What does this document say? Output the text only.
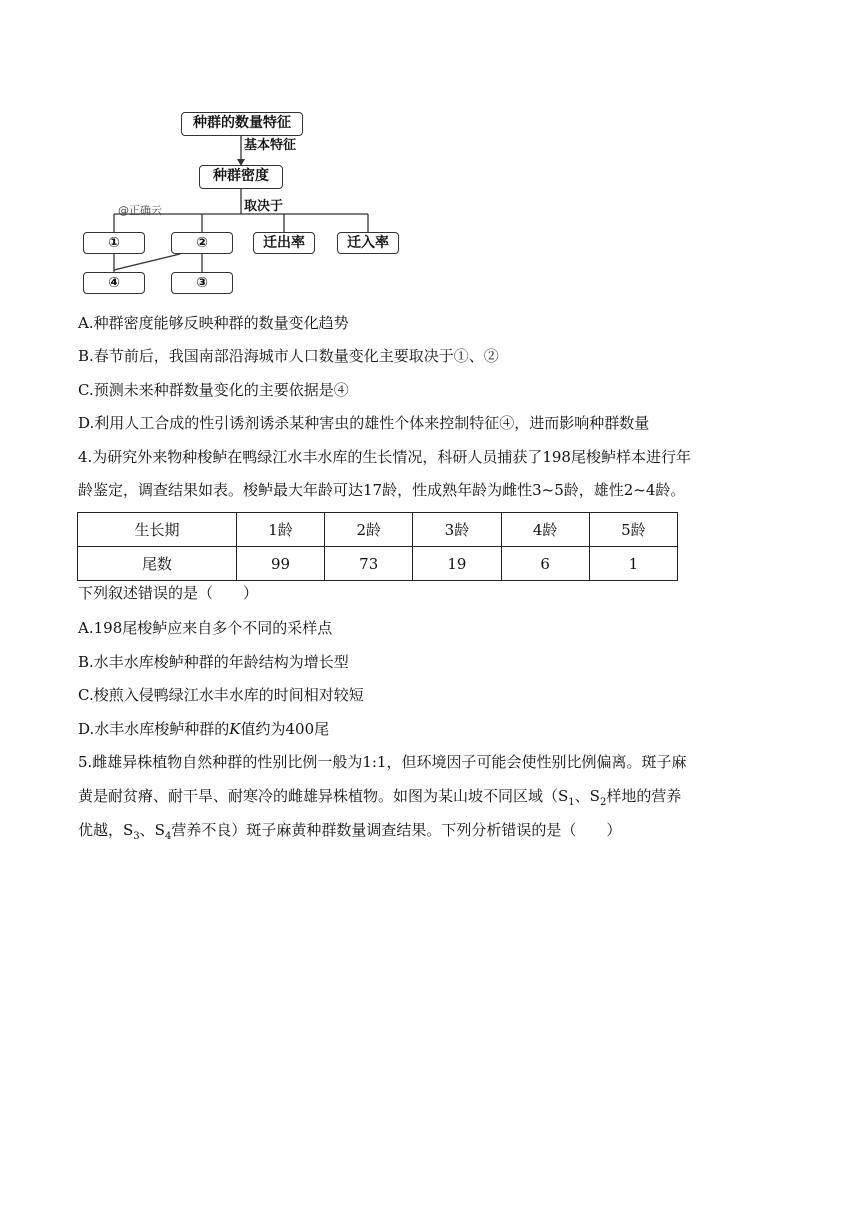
种群的数量特征
基本特征
种群密度
取决于
@正确云
①	②	迁出率	迁入率
④	③
A.种群密度能够反映种群的数量变化趋势
B.春节前后，我国南部沿海城市人口数量变化主要取决于①、②
C.预测未来种群数量变化的主要依据是④
D.利用人工合成的性引诱剂诱杀某种害虫的雄性个体来控制特征④，进而影响种群数量
4.为研究外来物种梭鲈在鸭绿江水丰水库的生长情况，科研人员捕获了198尾梭鲈样本进行年
龄鉴定，调查结果如表。梭鲈最大年龄可达17龄，性成熟年龄为雌性3~5龄，雄性2~4龄。
生长期	1龄	2龄	3龄	4龄	5龄
尾数	99	73	19	6	1
下列叙述错误的是（　　）
A.198尾梭鲈应来自多个不同的采样点
B.水丰水库梭鲈种群的年龄结构为增长型
C.梭煎入侵鸭绿江水丰水库的时间相对较短
D.水丰水库梭鲈种群的K值约为400尾
5.雌雄异株植物自然种群的性别比例一般为1:1，但环境因子可能会使性别比例偏离。斑子麻
黄是耐贫瘠、耐干旱、耐寒冷的雌雄异株植物。如图为某山坡不同区域（$S_1$、$S_2$样地的营养
优越，$S_3$、$S_4$营养不良）斑子麻黄种群数量调查结果。下列分析错误的是（　　）
